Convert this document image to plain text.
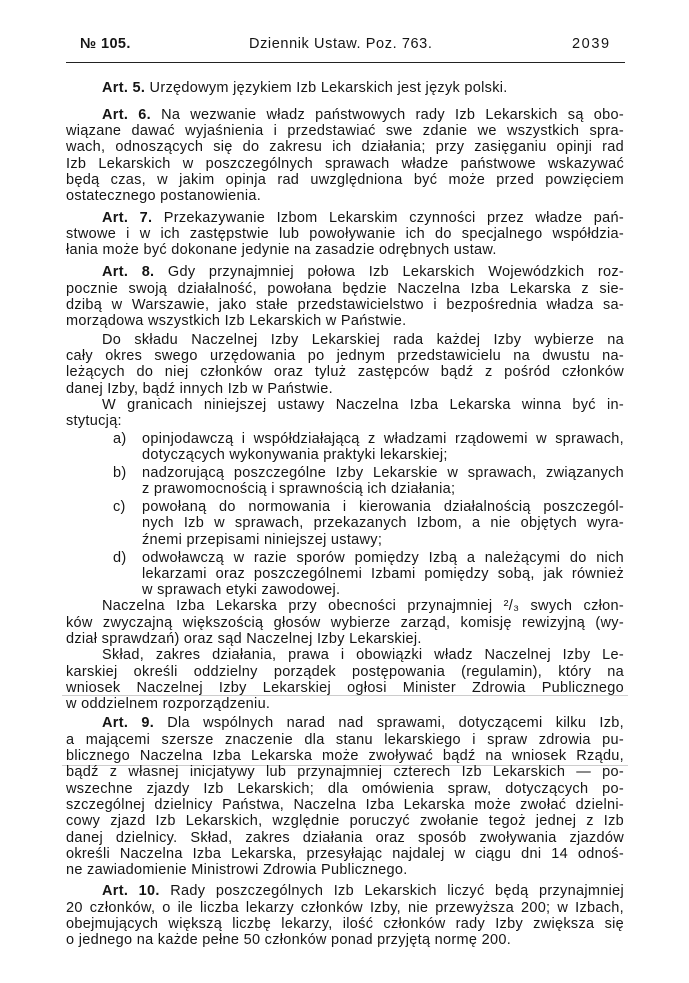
№ 105.	Dziennik Ustaw. Poz. 763.	2039
Art. 5. Urzędowym językiem Izb Lekarskich jest język polski.
Art. 6. Na wezwanie władz państwowych rady Izb Lekarskich są obo-
wiązane dawać wyjaśnienia i przedstawiać swe zdanie we wszystkich spra-
wach, odnoszących się do zakresu ich działania; przy zasięganiu opinji rad
Izb Lekarskich w poszczególnych sprawach władze państwowe wskazywać
będą czas, w jakim opinja rad uwzględniona być może przed powzięciem
ostatecznego postanowienia.
Art. 7. Przekazywanie Izbom Lekarskim czynności przez władze pań-
stwowe i w ich zastępstwie lub powoływanie ich do specjalnego współdzia-
łania może być dokonane jedynie na zasadzie odrębnych ustaw.
Art. 8. Gdy przynajmniej połowa Izb Lekarskich Wojewódzkich roz-
pocznie swoją działalność, powołana będzie Naczelna Izba Lekarska z sie-
dzibą w Warszawie, jako stałe przedstawicielstwo i bezpośrednia władza sa-
morządowa wszystkich Izb Lekarskich w Państwie.
Do składu Naczelnej Izby Lekarskiej rada każdej Izby wybierze na
cały okres swego urzędowania po jednym przedstawicielu na dwustu na-
leżących do niej członków oraz tyluż zastępców bądź z pośród członków
danej Izby, bądź innych Izb w Państwie.
W granicach niniejszej ustawy Naczelna Izba Lekarska winna być in-
stytucją:
a) opinjodawczą i współdziałającą z władzami rządowemi w sprawach,
dotyczących wykonywania praktyki lekarskiej;
b) nadzorującą poszczególne Izby Lekarskie w sprawach, związanych
z prawomocnością i sprawnością ich działania;
c) powołaną do normowania i kierowania działalnością poszczegól-
nych Izb w sprawach, przekazanych Izbom, a nie objętych wyra-
źnemi przepisami niniejszej ustawy;
d) odwoławczą w razie sporów pomiędzy Izbą a należącymi do nich
lekarzami oraz poszczególnemi Izbami pomiędzy sobą, jak również
w sprawach etyki zawodowej.
Naczelna Izba Lekarska przy obecności przynajmniej ²/₃ swych człon-
ków zwyczajną większością głosów wybierze zarząd, komisję rewizyjną (wy-
dział sprawdzań) oraz sąd Naczelnej Izby Lekarskiej.
Skład, zakres działania, prawa i obowiązki władz Naczelnej Izby Le-
karskiej określi oddzielny porządek postępowania (regulamin), który na
wniosek Naczelnej Izby Lekarskiej ogłosi Minister Zdrowia Publicznego
w oddzielnem rozporządzeniu.
Art. 9. Dla wspólnych narad nad sprawami, dotyczącemi kilku Izb,
a mającemi szersze znaczenie dla stanu lekarskiego i spraw zdrowia pu-
blicznego Naczelna Izba Lekarska może zwoływać bądź na wniosek Rządu,
bądź z własnej inicjatywy lub przynajmniej czterech Izb Lekarskich — po-
wszechne zjazdy Izb Lekarskich; dla omówienia spraw, dotyczących po-
szczególnej dzielnicy Państwa, Naczelna Izba Lekarska może zwołać dzielni-
cowy zjazd Izb Lekarskich, względnie poruczyć zwołanie tegoż jednej z Izb
danej dzielnicy. Skład, zakres działania oraz sposób zwoływania zjazdów
określi Naczelna Izba Lekarska, przesyłając najdalej w ciągu dni 14 odnoś-
ne zawiadomienie Ministrowi Zdrowia Publicznego.
Art. 10. Rady poszczególnych Izb Lekarskich liczyć będą przynajmniej
20 członków, o ile liczba lekarzy członków Izby, nie przewyższa 200; w Izbach,
obejmujących większą liczbę lekarzy, ilość członków rady Izby zwiększa się
o jednego na każde pełne 50 członków ponad przyjętą normę 200.
